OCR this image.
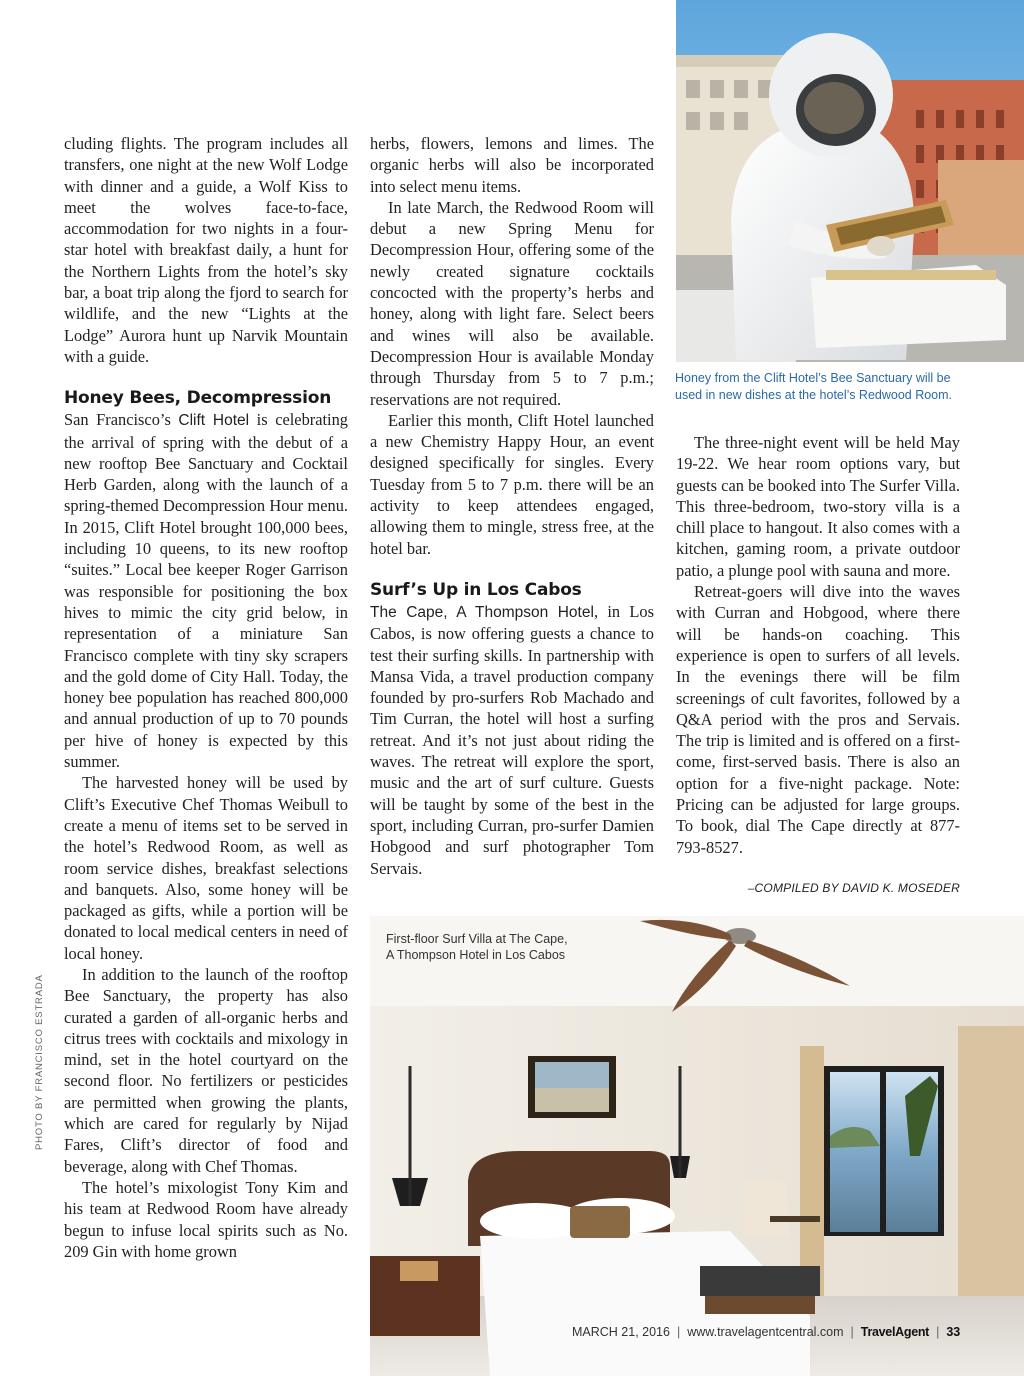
Honey from the Clift Hotel’s Bee Sanctuary will be used in new dishes at the hotel’s Redwood Room.
First-floor Surf Villa at The Cape,
A Thompson Hotel in Los Cabos

cluding flights. The program includes all transfers, one night at the new Wolf Lodge with dinner and a guide, a Wolf Kiss to meet the wolves face-to-face, accommodation for two nights in a four-star hotel with breakfast daily, a hunt for the Northern Lights from the hotel’s sky bar, a boat trip along the fjord to search for wildlife, and the new “Lights at the Lodge” Aurora hunt up Narvik Mountain with a guide.

Honey Bees, Decompression

San Francisco’s Clift Hotel is celebrating the arrival of spring with the debut of a new rooftop Bee Sanctuary and Cocktail Herb Garden, along with the launch of a spring-themed Decompression Hour menu. In 2015, Clift Hotel brought 100,000 bees, including 10 queens, to its new rooftop “suites.” Local bee keeper Roger Garrison was responsible for positioning the box hives to mimic the city grid below, in representation of a miniature San Francisco complete with tiny sky scrapers and the gold dome of City Hall. Today, the honey bee population has reached 800,000 and annual production of up to 70 pounds per hive of honey is expected by this summer.

The harvested honey will be used by Clift’s Executive Chef Thomas Weibull to create a menu of items set to be served in the hotel’s Redwood Room, as well as room service dishes, breakfast selections and banquets. Also, some honey will be packaged as gifts, while a portion will be donated to local medical centers in need of local honey.

In addition to the launch of the rooftop Bee Sanctuary, the property has also curated a garden of all-organic herbs and citrus trees with cocktails and mixology in mind, set in the hotel courtyard on the second floor. No fertilizers or pesticides are permitted when growing the plants, which are cared for regularly by Nijad Fares, Clift’s director of food and beverage, along with Chef Thomas.

The hotel’s mixologist Tony Kim and his team at Redwood Room have already begun to infuse local spirits such as No. 209 Gin with home grown

herbs, flowers, lemons and limes. The organic herbs will also be incorporated into select menu items.

In late March, the Redwood Room will debut a new Spring Menu for Decompression Hour, offering some of the newly created signature cocktails concocted with the property’s herbs and honey, along with light fare. Select beers and wines will also be available. Decompression Hour is available Monday through Thursday from 5 to 7 p.m.; reservations are not required.

Earlier this month, Clift Hotel launched a new Chemistry Happy Hour, an event designed specifically for singles. Every Tuesday from 5 to 7 p.m. there will be an activity to keep attendees engaged, allowing them to mingle, stress free, at the hotel bar.

Surf’s Up in Los Cabos

The Cape, A Thompson Hotel, in Los Cabos, is now offering guests a chance to test their surfing skills. In partnership with Mansa Vida, a travel production company founded by pro-surfers Rob Machado and Tim Curran, the hotel will host a surfing retreat. And it’s not just about riding the waves. The retreat will explore the sport, music and the art of surf culture. Guests will be taught by some of the best in the sport, including Curran, pro-surfer Damien Hobgood and surf photographer Tom Servais.

The three-night event will be held May 19-22. We hear room options vary, but guests can be booked into The Surfer Villa. This three-bedroom, two-story villa is a chill place to hangout. It also comes with a kitchen, gaming room, a private outdoor patio, a plunge pool with sauna and more.

Retreat-goers will dive into the waves with Curran and Hobgood, where there will be hands-on coaching. This experience is open to surfers of all levels. In the evenings there will be film screenings of cult favorites, followed by a Q&A period with the pros and Servais. The trip is limited and is offered on a first-come, first-served basis. There is also an option for a five-night package. Note: Pricing can be adjusted for large groups. To book, dial The Cape directly at 877-793-8527.

–COMPILED BY DAVID K. MOSEDER
PHOTO BY FRANCISCO ESTRADA
MARCH 21, 2016 | www.travelagentcentral.com | TravelAgent | 33
